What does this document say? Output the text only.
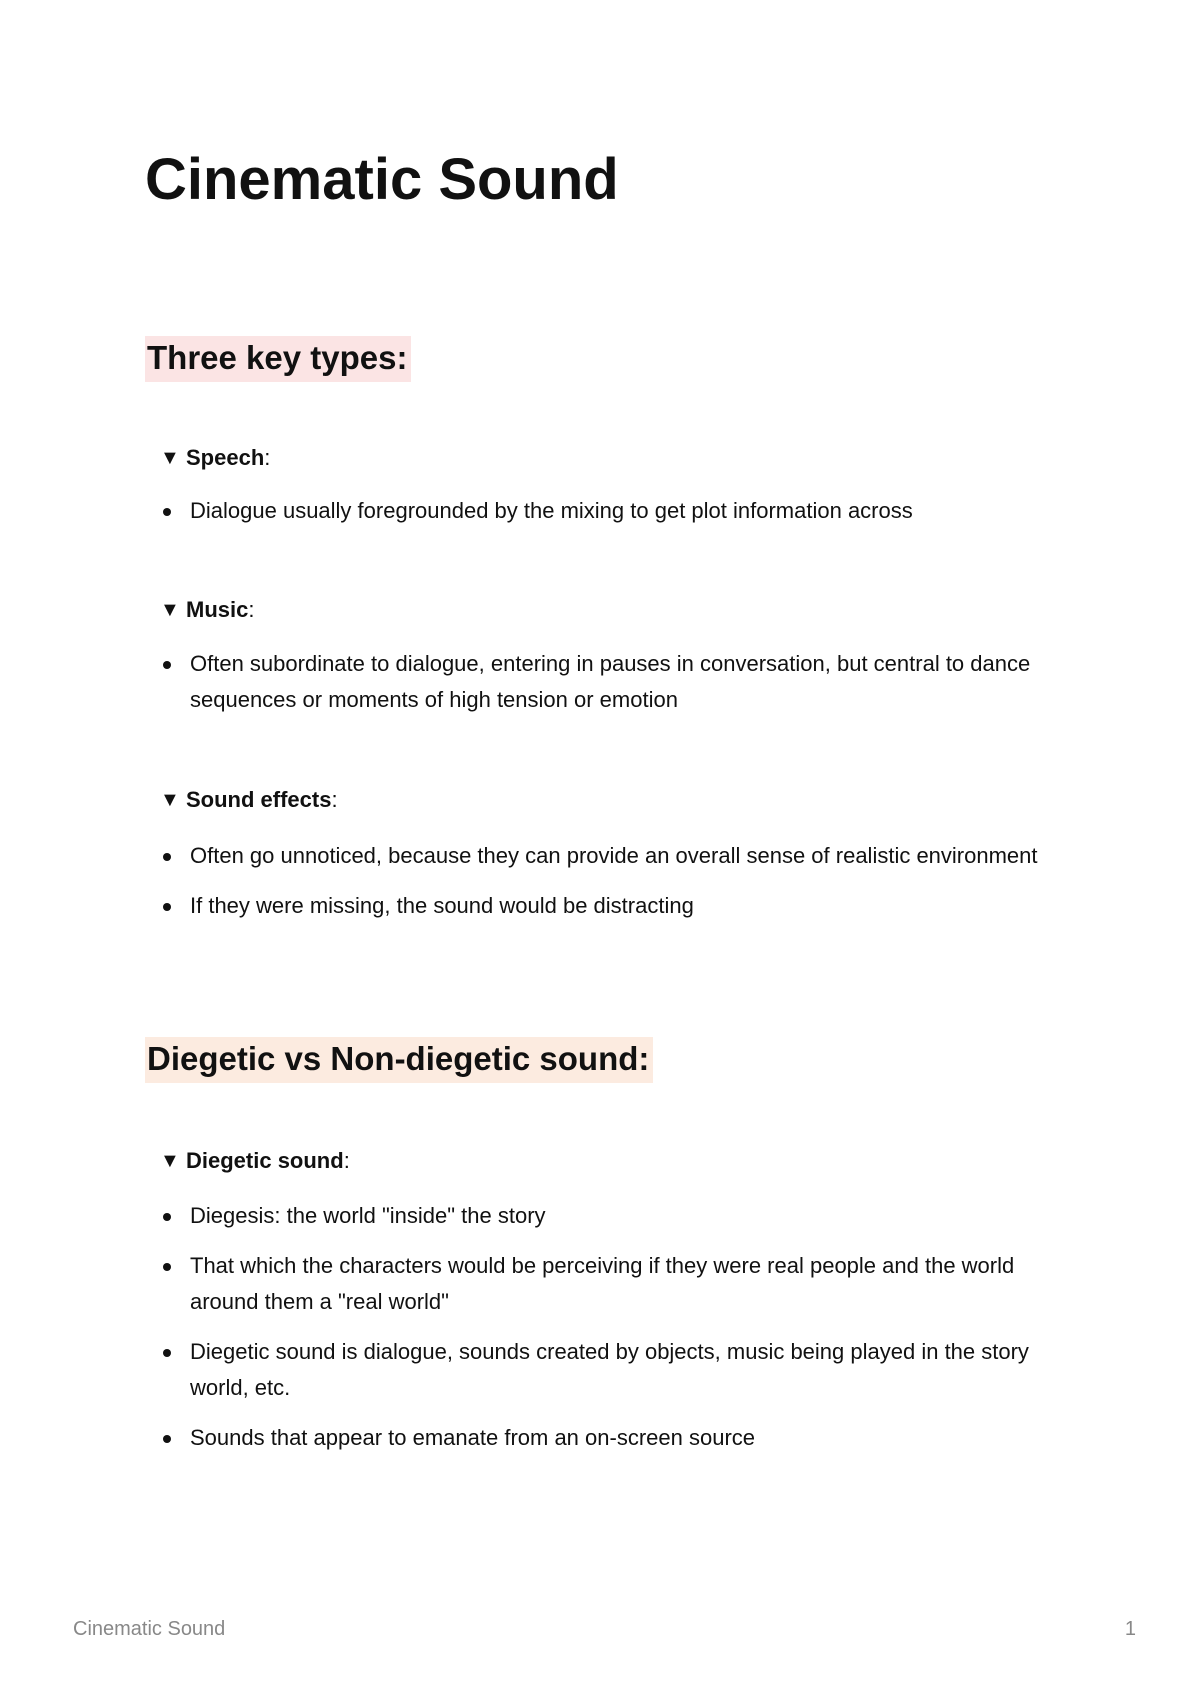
Cinematic Sound
Three key types:
▼ Speech:
Dialogue usually foregrounded by the mixing to get plot information across
▼ Music:
Often subordinate to dialogue, entering in pauses in conversation, but central to dance sequences or moments of high tension or emotion
▼ Sound effects:
Often go unnoticed, because they can provide an overall sense of realistic environment
If they were missing, the sound would be distracting
Diegetic vs Non-diegetic sound:
▼ Diegetic sound:
Diegesis: the world "inside" the story
That which the characters would be perceiving if they were real people and the world around them a "real world"
Diegetic sound is dialogue, sounds created by objects, music being played in the story world, etc.
Sounds that appear to emanate from an on-screen source
Cinematic Sound	1
